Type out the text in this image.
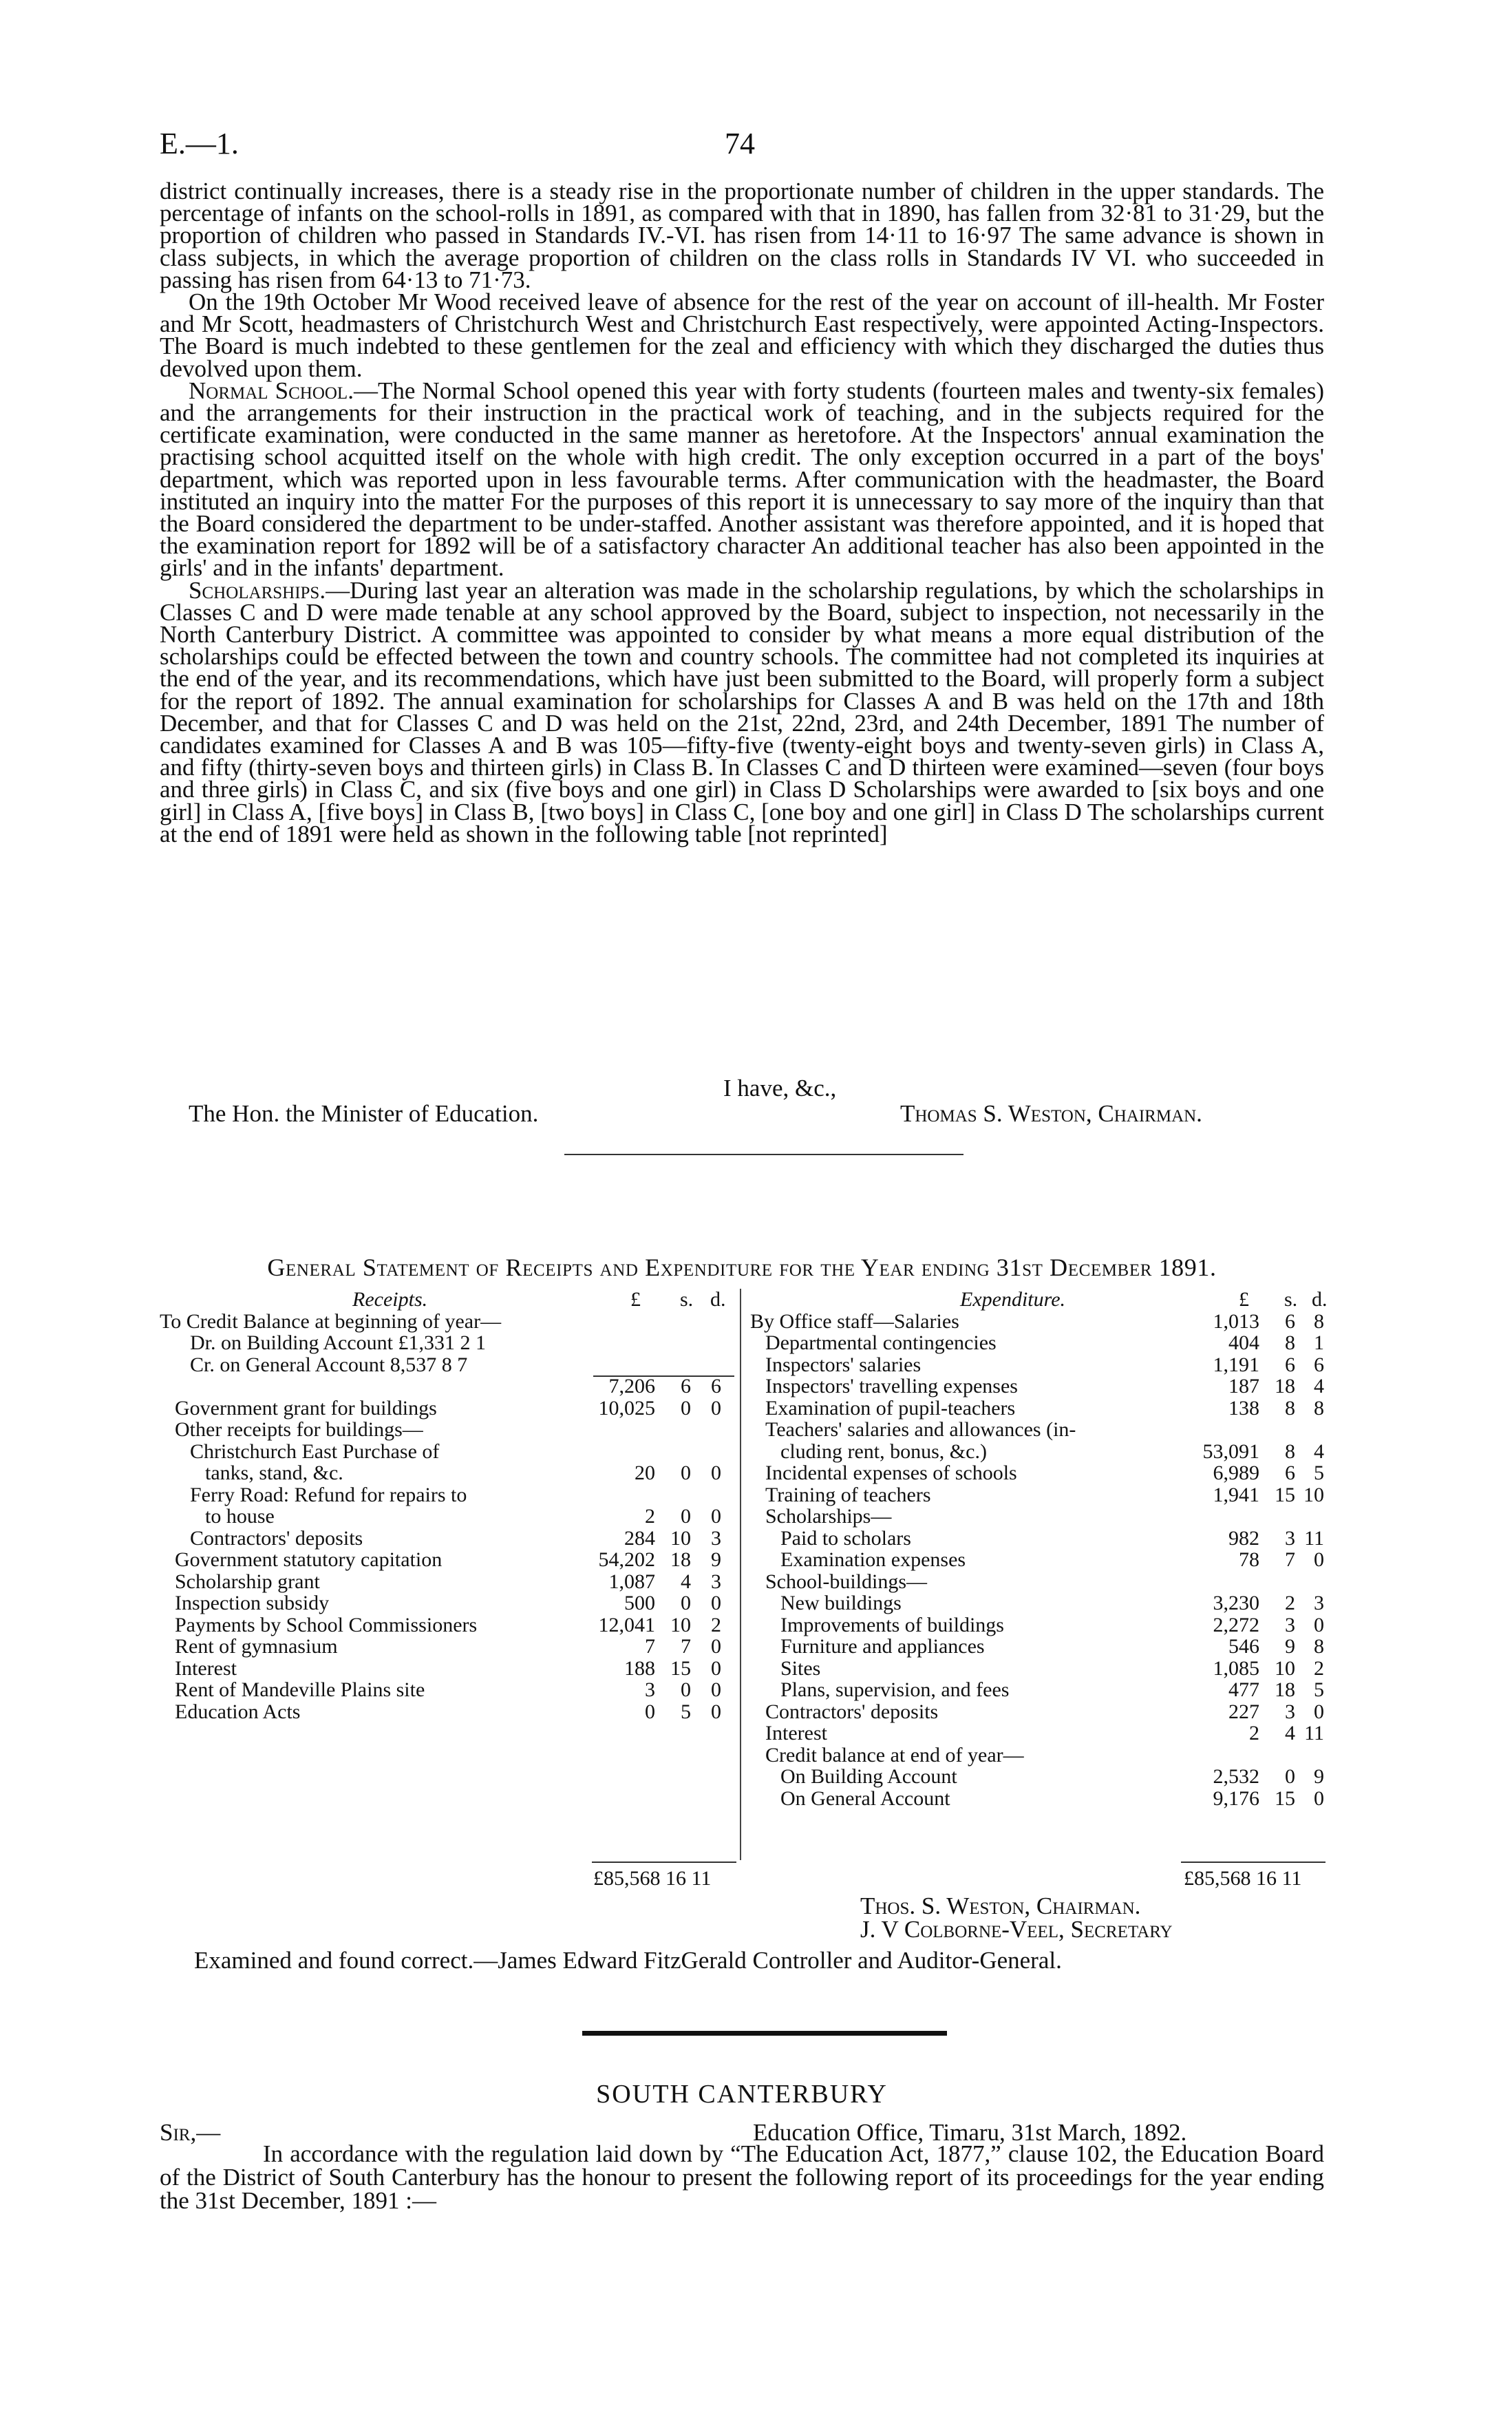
E.—1.	74

district continually increases, there is a steady rise in the proportionate number of children in the upper standards. The percentage of infants on the school-rolls in 1891, as compared with that in 1890, has fallen from 32·81 to 31·29, but the proportion of children who passed in Standards IV.-VI. has risen from 14·11 to 16·97 The same advance is shown in class subjects, in which the average proportion of children on the class rolls in Standards IV VI. who succeeded in passing has risen from 64·13 to 71·73.

On the 19th October Mr Wood received leave of absence for the rest of the year on account of ill-health. Mr Foster and Mr Scott, headmasters of Christchurch West and Christchurch East respectively, were appointed Acting-Inspectors. The Board is much indebted to these gentlemen for the zeal and efficiency with which they discharged the duties thus devolved upon them.

Normal School.—The Normal School opened this year with forty students (fourteen males and twenty-six females) and the arrangements for their instruction in the practical work of teaching, and in the subjects required for the certificate examination, were conducted in the same manner as heretofore. At the Inspectors' annual examination the practising school acquitted itself on the whole with high credit. The only exception occurred in a part of the boys' department, which was reported upon in less favourable terms. After communication with the headmaster, the Board instituted an inquiry into the matter For the purposes of this report it is unnecessary to say more of the inquiry than that the Board considered the department to be under-staffed. Another assistant was therefore appointed, and it is hoped that the examination report for 1892 will be of a satisfactory character An additional teacher has also been appointed in the girls' and in the infants' department.

Scholarships.—During last year an alteration was made in the scholarship regulations, by which the scholarships in Classes C and D were made tenable at any school approved by the Board, subject to inspection, not necessarily in the North Canterbury District. A committee was appointed to consider by what means a more equal distribution of the scholarships could be effected between the town and country schools. The committee had not completed its inquiries at the end of the year, and its recommendations, which have just been submitted to the Board, will properly form a subject for the report of 1892. The annual examination for scholarships for Classes A and B was held on the 17th and 18th December, and that for Classes C and D was held on the 21st, 22nd, 23rd, and 24th December, 1891 The number of candidates examined for Classes A and B was 105—fifty-five (twenty-eight boys and twenty-seven girls) in Class A, and fifty (thirty-seven boys and thirteen girls) in Class B. In Classes C and D thirteen were examined—seven (four boys and three girls) in Class C, and six (five boys and one girl) in Class D Scholarships were awarded to [six boys and one girl] in Class A, [five boys] in Class B, [two boys] in Class C, [one boy and one girl] in Class D The scholarships current at the end of 1891 were held as shown in the following table [not reprinted]

I have, &c.,
The Hon. the Minister of Education.	Thomas S. Weston, Chairman.
General Statement of Receipts and Expenditure for the Year ending 31st December 1891.
Receipts.	£ s. d.
To Credit Balance at beginning of year—
Dr. on Building Account £1,331 2 1
Cr. on General Account 8,537 8 7
7,206	6 6
Government grant for buildings	10,025	0 0
Other receipts for buildings—
Christchurch East Purchase of
tanks, stand, &c.	20	0 0
Ferry Road: Refund for repairs to
to house	2	0 0
Contractors' deposits	284 10 3
Government statutory capitation	54,202 18 9
Scholarship grant	1,087	4 3
Inspection subsidy	500	0 0
Payments by School Commissioners	12,041 10 2
Rent of gymnasium	7	7 0
Interest	188 15 0
Rent of Mandeville Plains site	3	0 0
Education Acts	0	5 0
Expenditure.	£ s. d.
By Office staff—Salaries	1,013	6 8
Departmental contingencies	404	8 1
Inspectors' salaries	1,191	6 6
Inspectors' travelling expenses	187 18 4
Examination of pupil-teachers	138	8 8
Teachers' salaries and allowances (in-
cluding rent, bonus, &c.)	53,091	8 4
Incidental expenses of schools	6,989	6 5
Training of teachers	1,941 15 10
Scholarships—
Paid to scholars	982	3 11
Examination expenses	78	7 0
School-buildings—
New buildings	3,230	2 3
Improvements of buildings	2,272	3 0
Furniture and appliances	546	9 8
Sites	1,085 10 2
Plans, supervision, and fees	477 18 5
Contractors' deposits	227	3 0
Interest	2	4 11
Credit balance at end of year—
On Building Account	2,532	0 9
On General Account	9,176 15 0
£85,568 16 11	£85,568 16 11
Thos. S. Weston, Chairman.
J. V Colborne-Veel, Secretary
Examined and found correct.—James Edward FitzGerald Controller and Auditor-General.
SOUTH CANTERBURY
Sir,—	Education Office, Timaru, 31st March, 1892.

In accordance with the regulation laid down by “The Education Act, 1877,” clause 102, the Education Board of the District of South Canterbury has the honour to present the following report of its proceedings for the year ending the 31st December, 1891 :—
